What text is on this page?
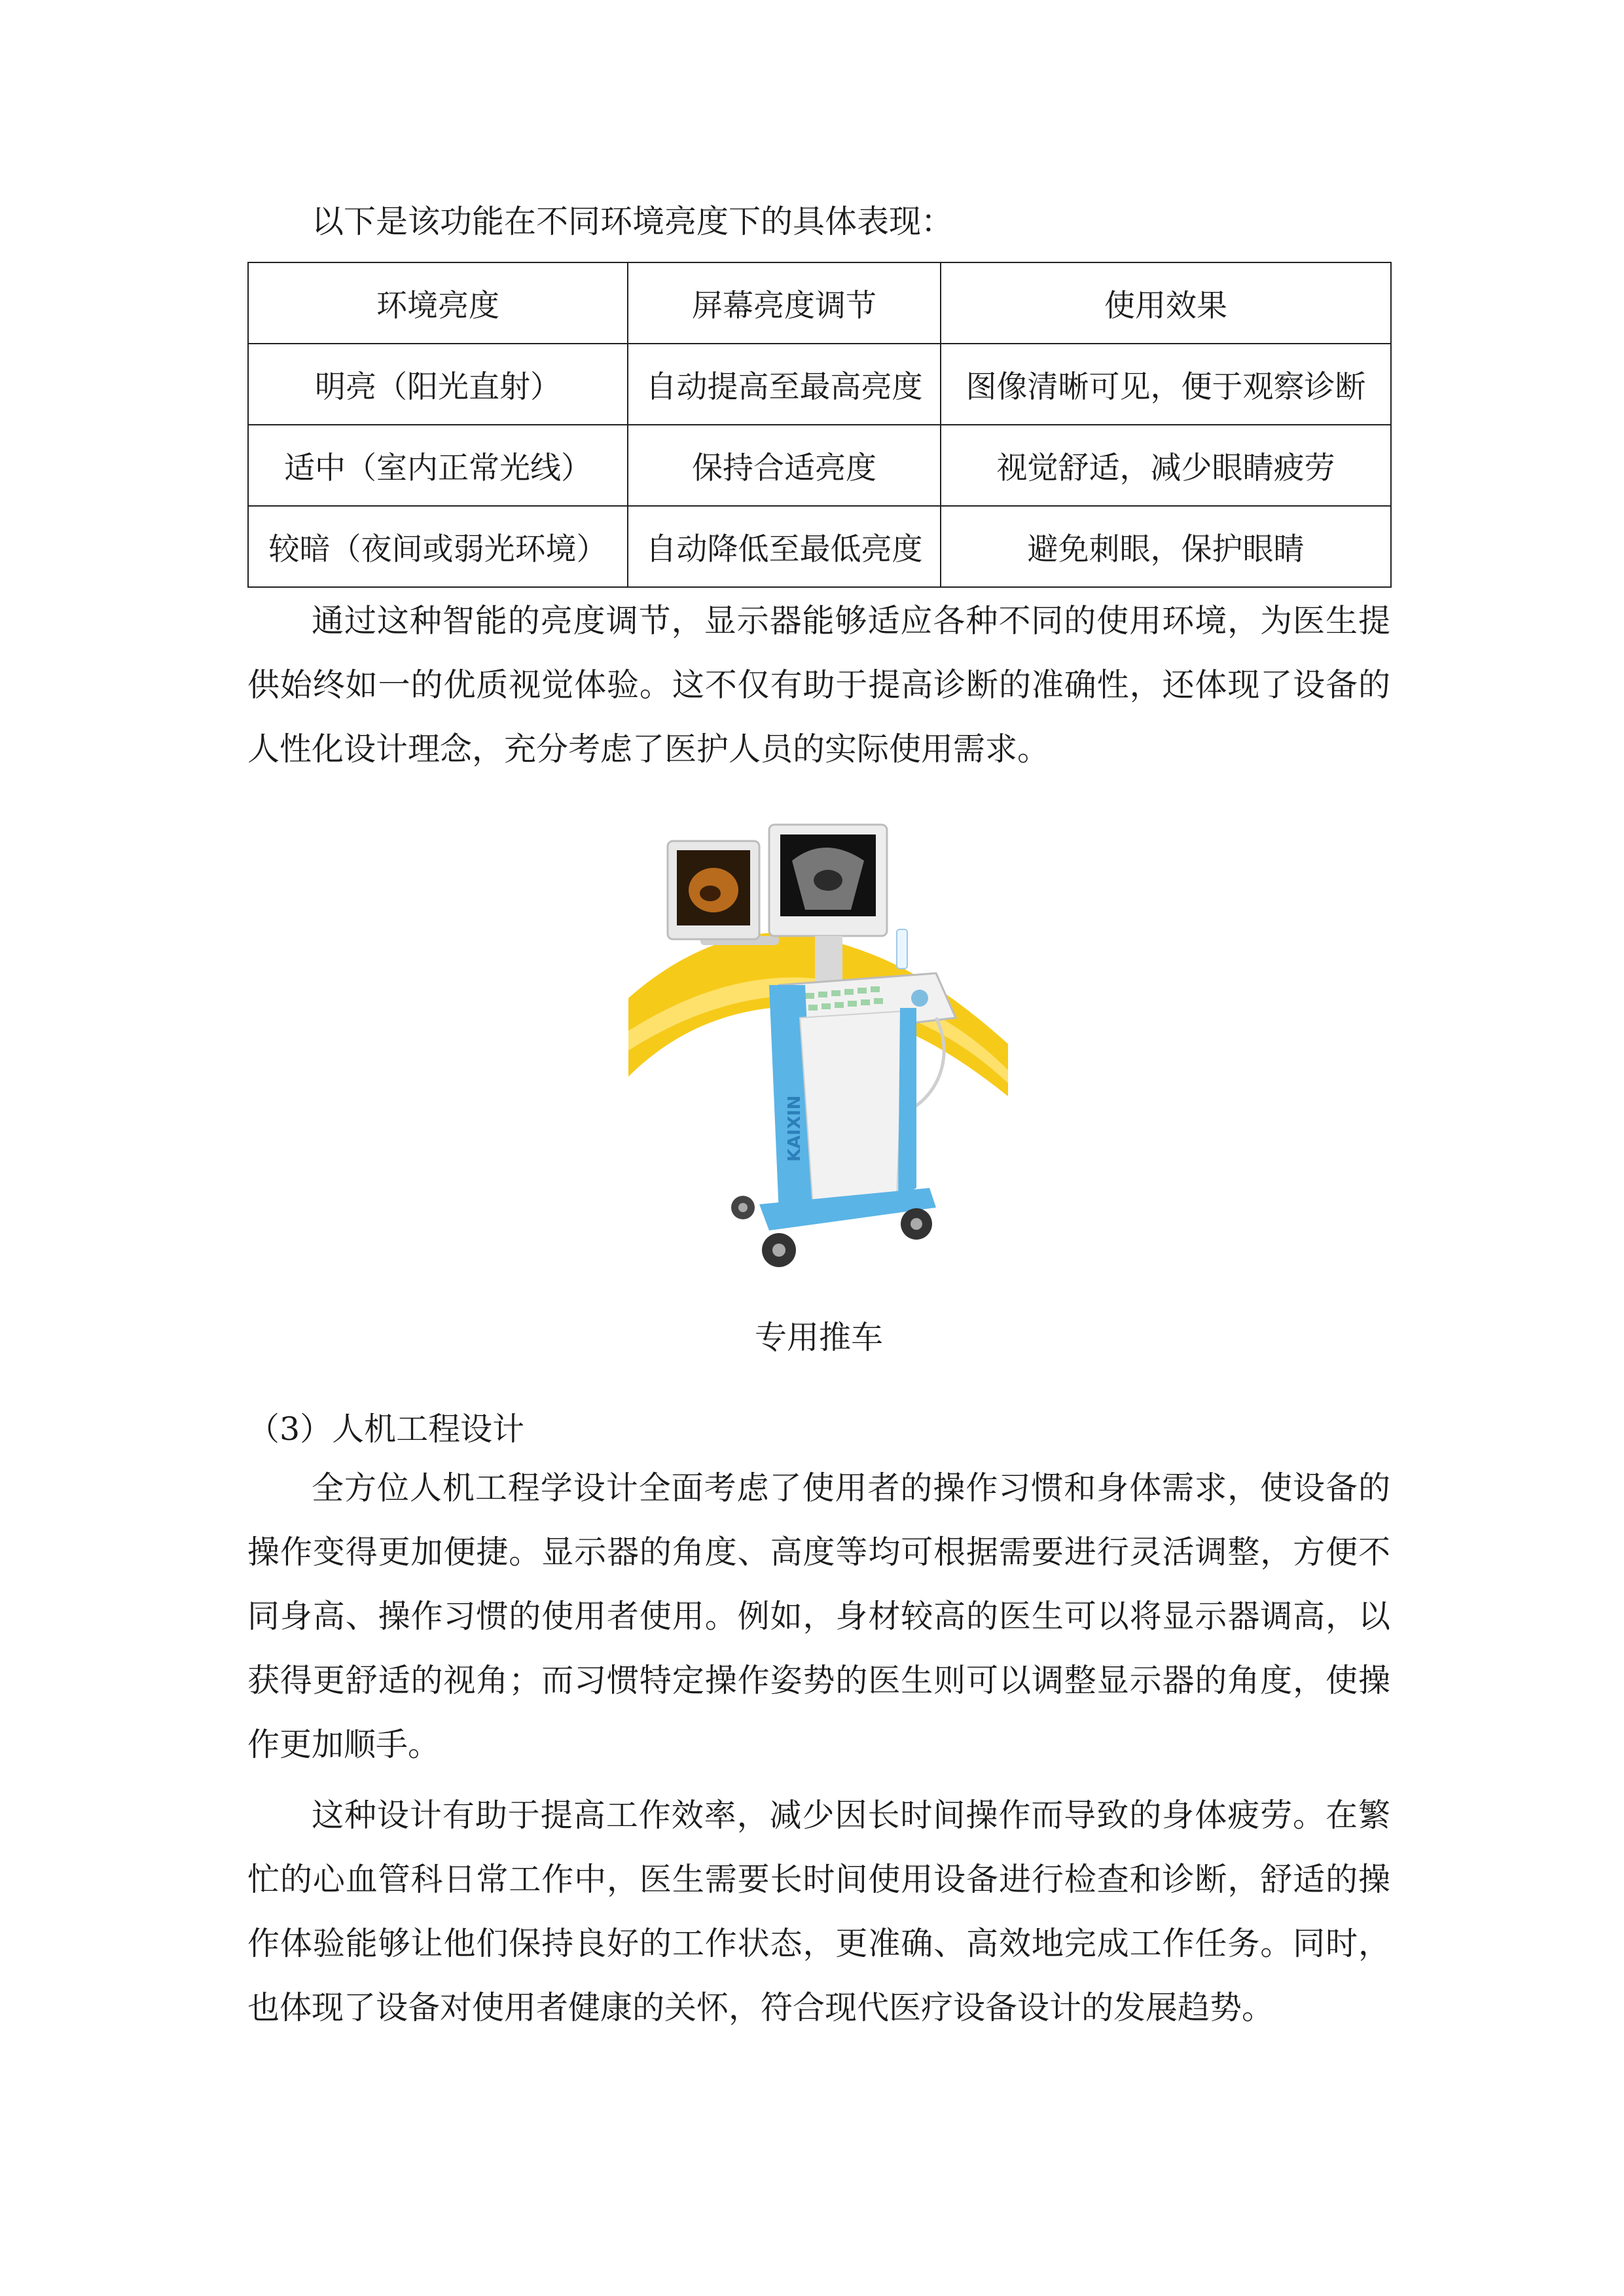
以下是该功能在不同环境亮度下的具体表现：

环境亮度	屏幕亮度调节	使用效果
明亮（阳光直射）	自动提高至最高亮度	图像清晰可见，便于观察诊断
适中（室内正常光线）	保持合适亮度	视觉舒适，减少眼睛疲劳
较暗（夜间或弱光环境）	自动降低至最低亮度	避免刺眼，保护眼睛

通过这种智能的亮度调节，显示器能够适应各种不同的使用环境，为医生提供始终如一的优质视觉体验。这不仅有助于提高诊断的准确性，还体现了设备的人性化设计理念，充分考虑了医护人员的实际使用需求。

KAIXIN
专用推车
（3）人机工程设计

全方位人机工程学设计全面考虑了使用者的操作习惯和身体需求，使设备的操作变得更加便捷。显示器的角度、高度等均可根据需要进行灵活调整，方便不同身高、操作习惯的使用者使用。例如，身材较高的医生可以将显示器调高，以获得更舒适的视角；而习惯特定操作姿势的医生则可以调整显示器的角度，使操作更加顺手。

这种设计有助于提高工作效率，减少因长时间操作而导致的身体疲劳。在繁忙的心血管科日常工作中，医生需要长时间使用设备进行检查和诊断，舒适的操作体验能够让他们保持良好的工作状态，更准确、高效地完成工作任务。同时，也体现了设备对使用者健康的关怀，符合现代医疗设备设计的发展趋势。
